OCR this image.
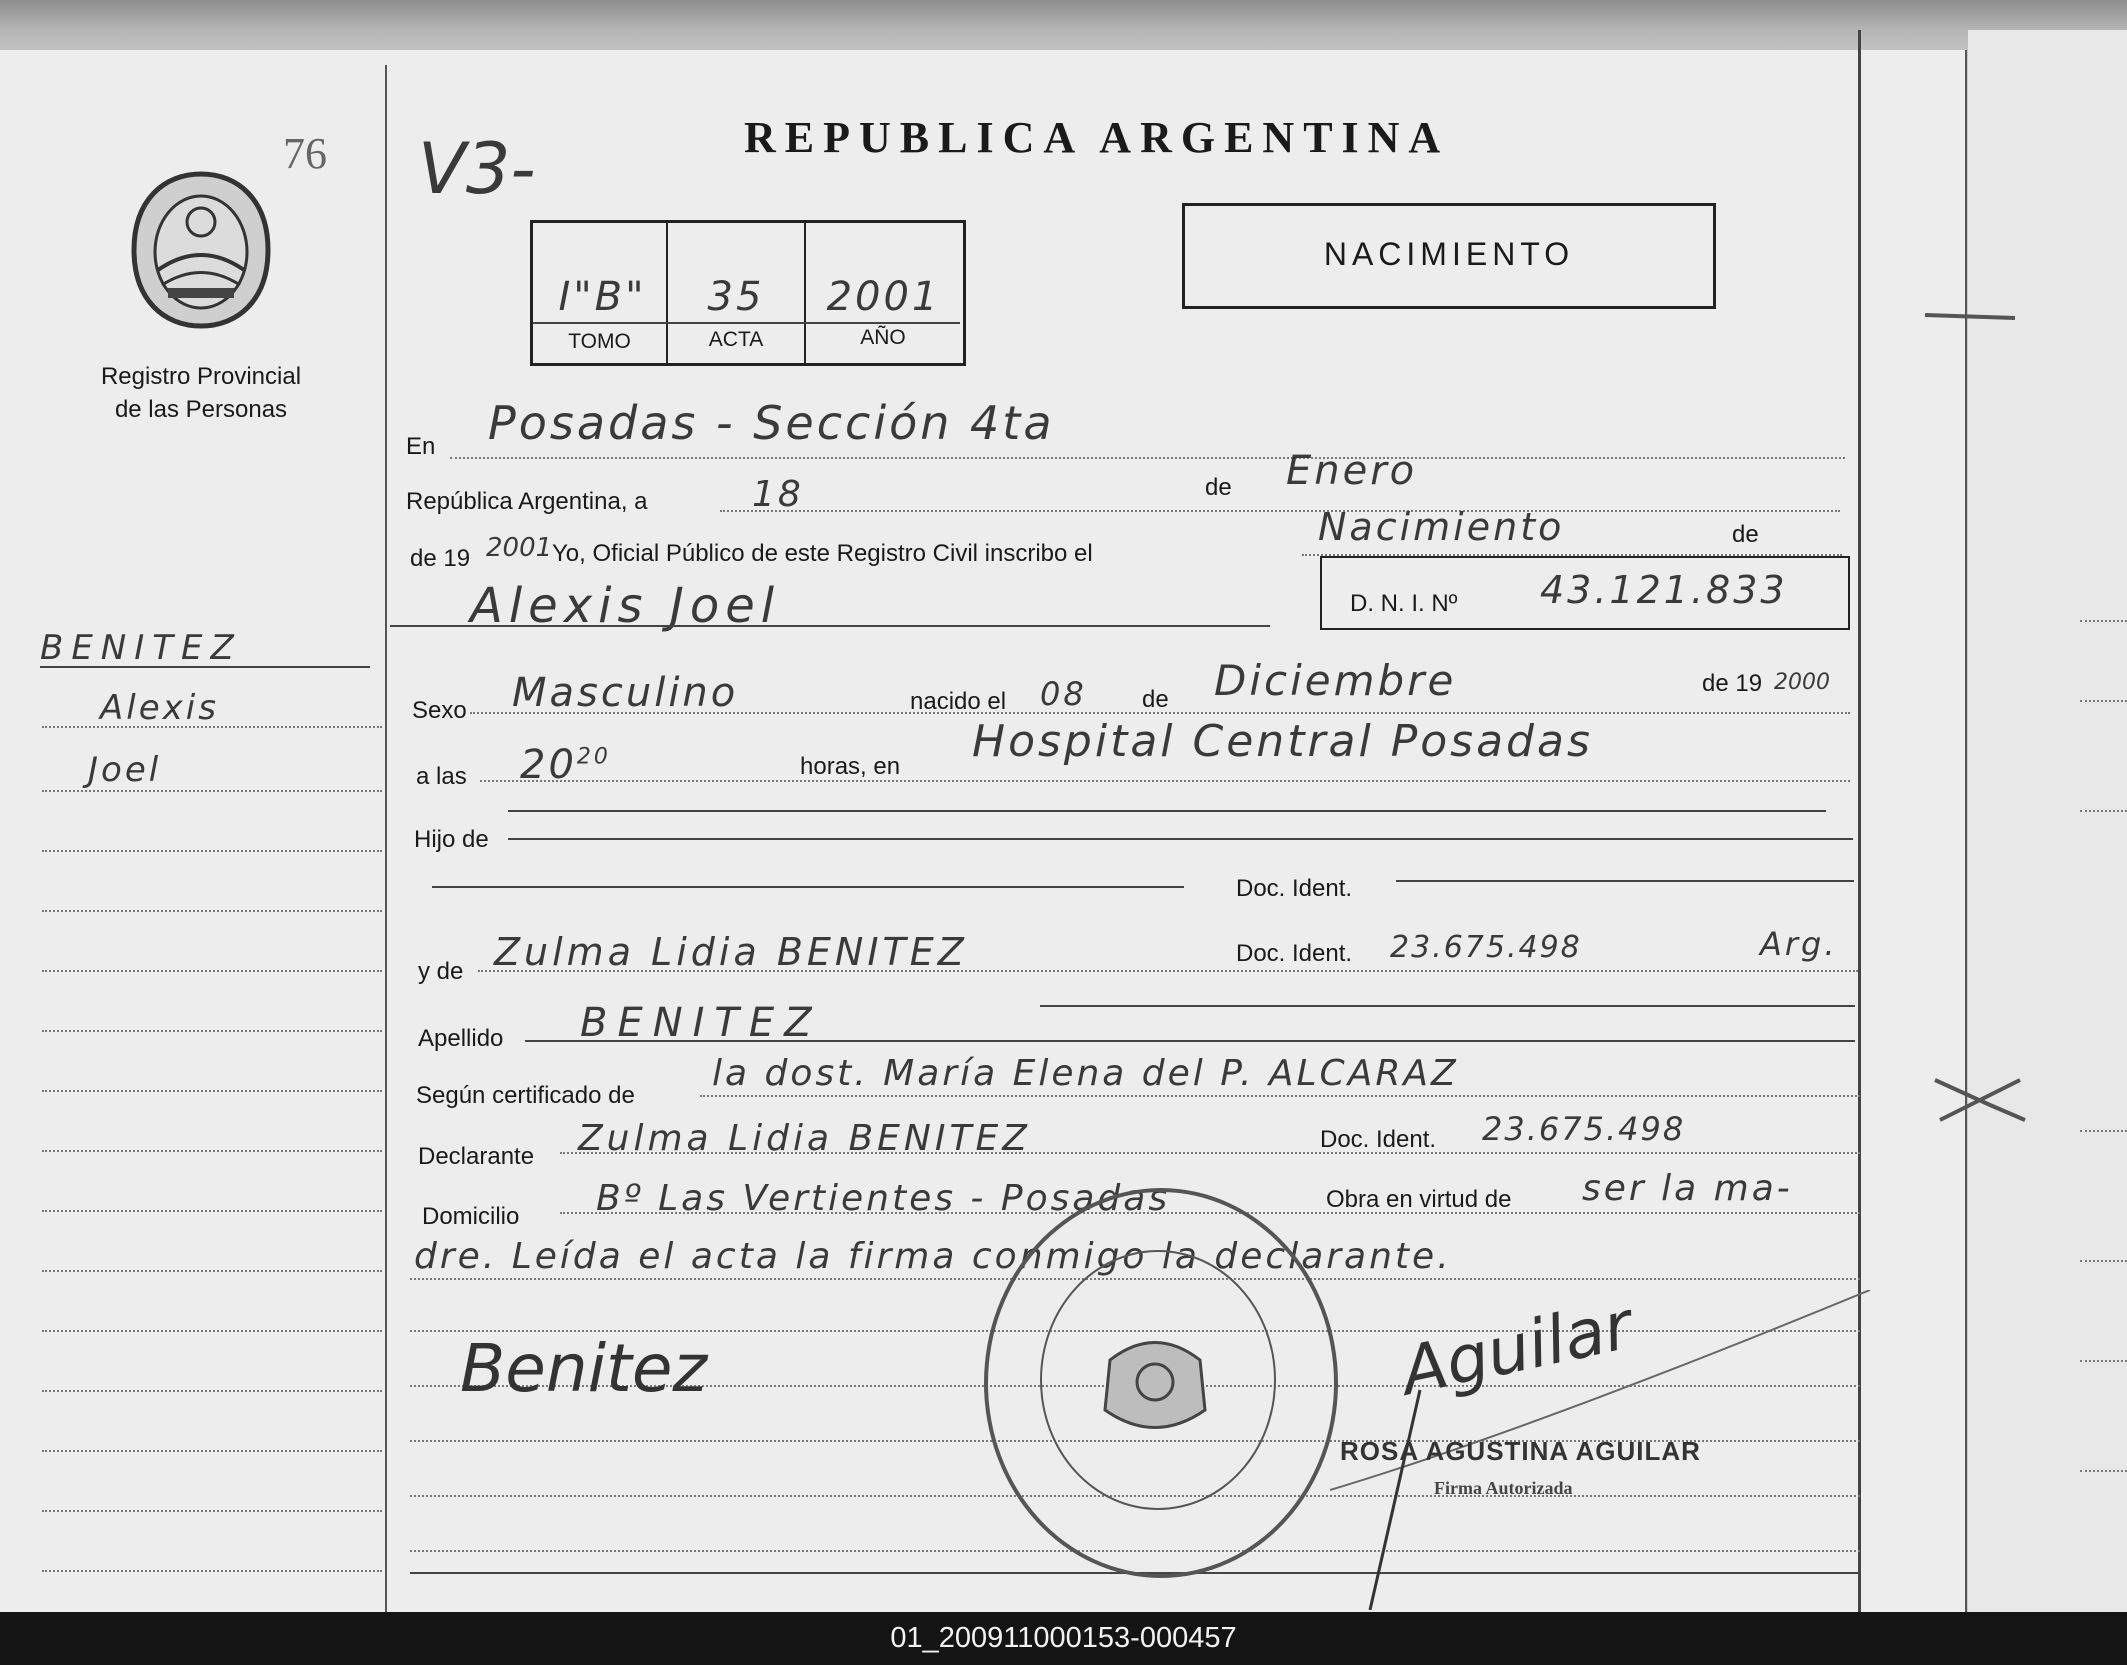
76
Registro Provincial
de las Personas
BENITEZ
Alexis
Joel
V3-	REPUBLICA ARGENTINA
NACIMIENTO
I"B"	35	2001
TOMO	ACTA	AÑO
En Posadas - Sección 4ta
República Argentina, a	18	de Enero
de 19 2001 Yo, Oficial Público de este Registro Civil inscribo el
Nacimiento	de
Alexis Joel	D. N. I. Nº 43.121.833
Sexo Masculino	nacido el 08 de Diciembre	de 19 2000
a las $20^{20}$	horas, en Hospital Central Posadas
Hijo de
Doc. Ident.
y de Zulma Lidia BENITEZ	Doc. Ident. 23.675.498	Arg.
Apellido BENITEZ
Según certificado de
la dost. María Elena del P. ALCARAZ
Declarante Zulma Lidia BENITEZ	Doc. Ident. 23.675.498
Domicilio Bº Las Vertientes - Posadas	Obra en virtud de ser la ma-
dre. Leída el acta la firma conmigo la declarante.
Benitez	Aguilar
ROSA AGUSTINA AGUILAR
Firma Autorizada
01_200911000153-000457
